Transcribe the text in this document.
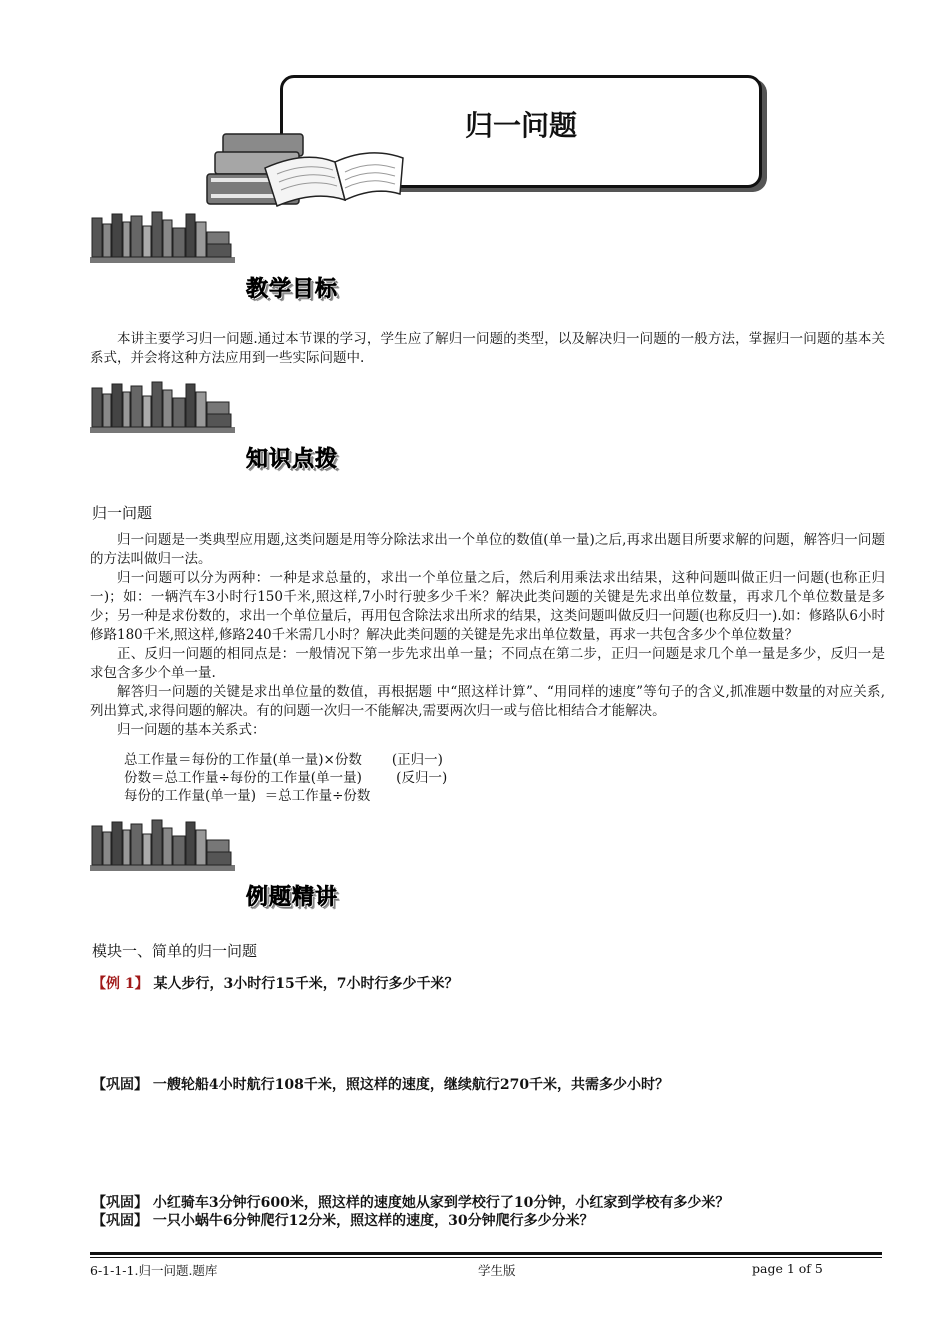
归一问题
教学目标

本讲主要学习归一问题.通过本节课的学习，学生应了解归一问题的类型，以及解决归一问题的一般方法，掌握归一问题的基本关系式，并会将这种方法应用到一些实际问题中.

知识点拨
归一问题

归一问题是一类典型应用题,这类问题是用等分除法求出一个单位的数值(单一量)之后,再求出题目所要求解的问题，解答归一问题的方法叫做归一法。

归一问题可以分为两种：一种是求总量的，求出一个单位量之后，然后利用乘法求出结果，这种问题叫做正归一问题(也称正归一)；如：一辆汽车3小时行150千米,照这样,7小时行驶多少千米？解决此类问题的关键是先求出单位数量，再求几个单位数量是多少；另一种是求份数的，求出一个单位量后，再用包含除法求出所求的结果，这类问题叫做反归一问题(也称反归一).如：修路队6小时修路180千米,照这样,修路240千米需几小时？解决此类问题的关键是先求出单位数量，再求一共包含多少个单位数量？

正、反归一问题的相同点是：一般情况下第一步先求出单一量；不同点在第二步，正归一问题是求几个单一量是多少，反归一是求包含多少个单一量.

解答归一问题的关键是求出单位量的数值，再根据题 中“照这样计算”、“用同样的速度”等句子的含义,抓准题中数量的对应关系,列出算式,求得问题的解决。有的问题一次归一不能解决,需要两次归一或与倍比相结合才能解决。

归一问题的基本关系式：

总工作量＝每份的工作量(单一量)×份数       (正归一)
份数＝总工作量÷每份的工作量(单一量)        (反归一)
每份的工作量(单一量)  ＝总工作量÷份数
例题精讲
模块一、简单的归一问题
【例 1】 某人步行，3小时行15千米，7小时行多少千米？
【巩固】 一艘轮船4小时航行108千米，照这样的速度，继续航行270千米，共需多少小时？
【巩固】 小红骑车3分钟行600米，照这样的速度她从家到学校行了10分钟，小红家到学校有多少米？
【巩固】 一只小蜗牛6分钟爬行12分米，照这样的速度，30分钟爬行多少分米？
6-1-1-1.归一问题.题库	学生版	page 1 of 5
